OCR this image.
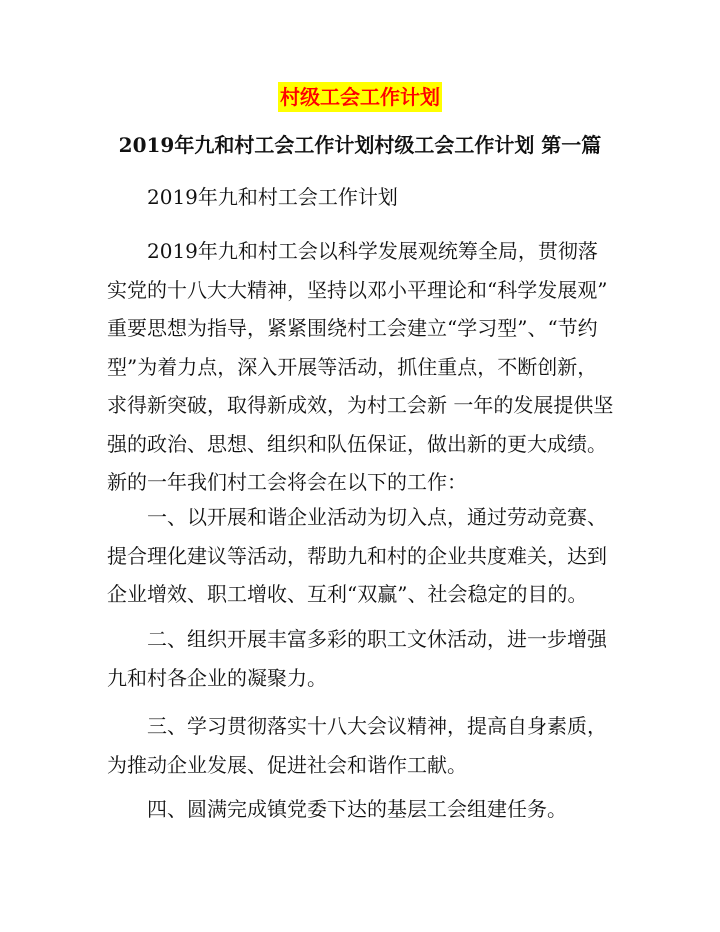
村级工会工作计划
2019年九和村工会工作计划村级工会工作计划 第一篇
2019年九和村工会工作计划
2019年九和村工会以科学发展观统筹全局，贯彻落实党的十八大大精神，坚持以邓小平理论和“科学发展观” 重要思想为指导，紧紧围绕村工会建立“学习型”、“节约型”为着力点，深入开展等活动，抓住重点，不断创新，求得新突破，取得新成效，为村工会新 一年的发展提供坚强的政治、思想、组织和队伍保证，做出新的更大成绩。新的一年我们村工会将会在以下的工作：
一、以开展和谐企业活动为切入点，通过劳动竞赛、提合理化建议等活动，帮助九和村的企业共度难关，达到企业增效、职工增收、互利“双赢”、社会稳定的目的。
二、组织开展丰富多彩的职工文休活动，进一步增强九和村各企业的凝聚力。
三、学习贯彻落实十八大会议精神，提高自身素质，为推动企业发展、促进社会和谐作工献。
四、圆满完成镇党委下达的基层工会组建任务。
